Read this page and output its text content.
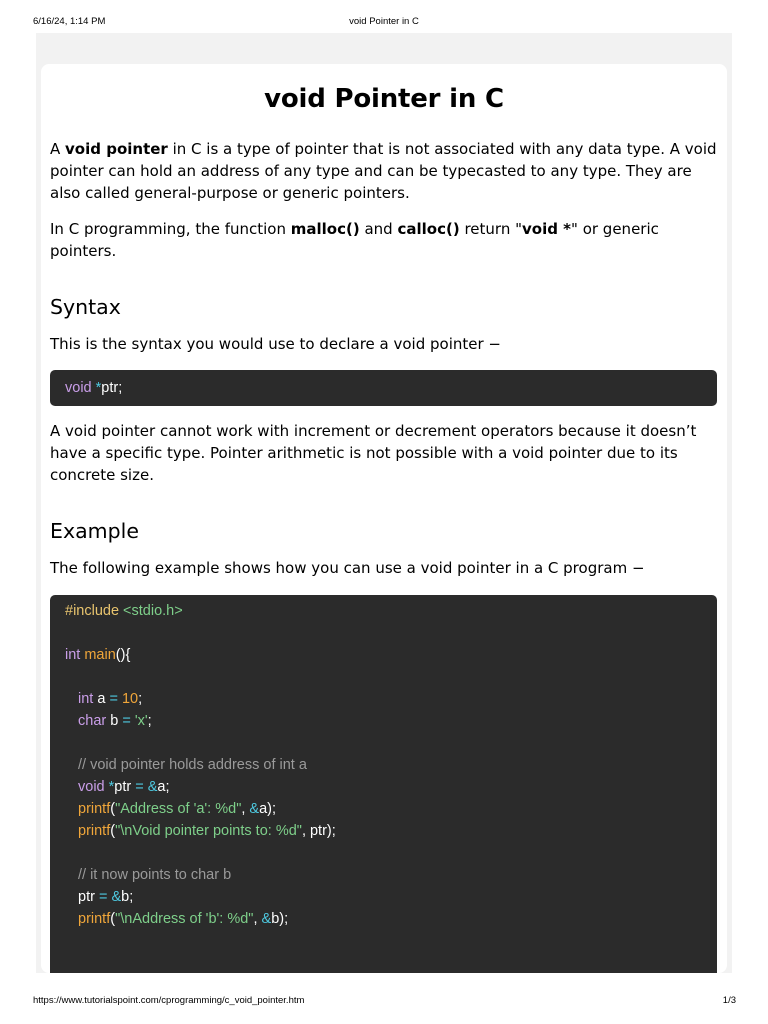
void Pointer in C
6/16/24, 1:14 PM
void Pointer in C

A void pointer in C is a type of pointer that is not associated with any data type. A void pointer can hold an address of any type and can be typecasted to any type. They are also called general-purpose or generic pointers.

In C programming, the function malloc() and calloc() return "void *" or generic pointers.

Syntax

This is the syntax you would use to declare a void pointer −

void *ptr;

A void pointer cannot work with increment or decrement operators because it doesn’t have a specific type. Pointer arithmetic is not possible with a void pointer due to its concrete size.

Example

The following example shows how you can use a void pointer in a C program −

#include <stdio.h>
int main(){
int a = 10;
char b = 'x';
// void pointer holds address of int a
void *ptr = &a;
printf("Address of 'a': %d", &a);
printf("\nVoid pointer points to: %d", ptr);
// it now points to char b
ptr = &b;
printf("\nAddress of 'b': %d", &b);
https://www.tutorialspoint.com/cprogramming/c_void_pointer.htm	1/3
